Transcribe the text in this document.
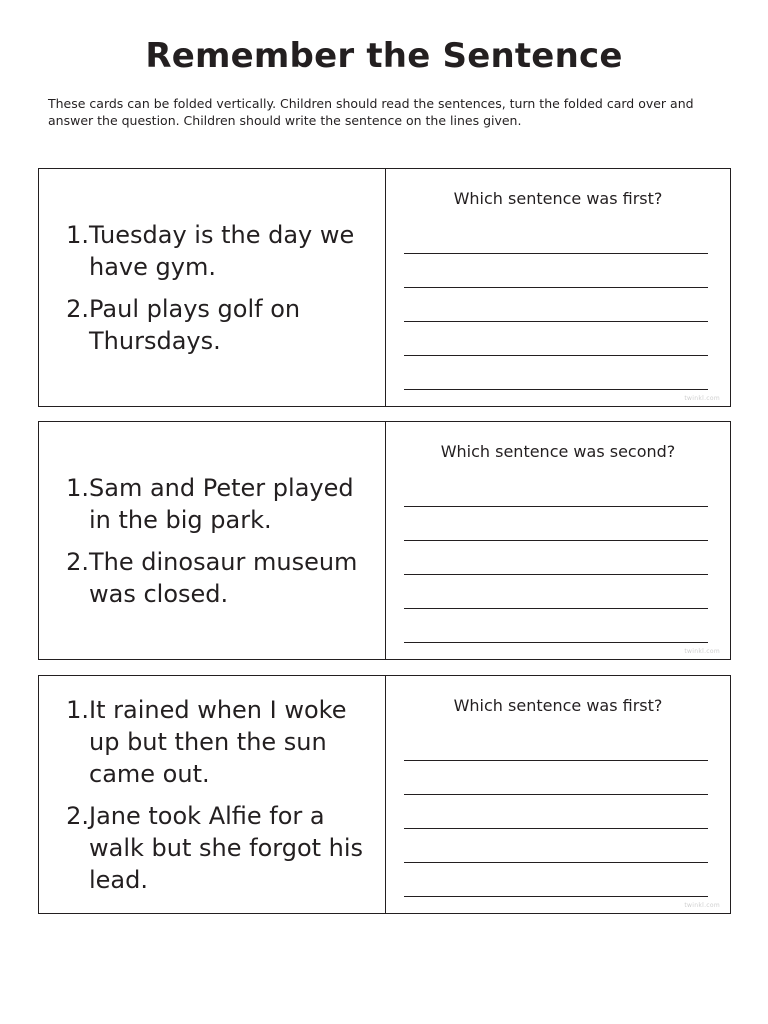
Remember the Sentence

These cards can be folded vertically. Children should read the sentences, turn the folded card over and answer the question. Children should write the sentence on the lines given.

1. Tuesday is the day we have gym.
2. Paul plays golf on Thursdays.

Which sentence was first?

twinkl.com
1. Sam and Peter played in the big park.
2. The dinosaur museum was closed.

Which sentence was second?

twinkl.com
1. It rained when I woke up but then the sun came out.
2. Jane took Alfie for a walk but she forgot his lead.

Which sentence was first?

twinkl.com
